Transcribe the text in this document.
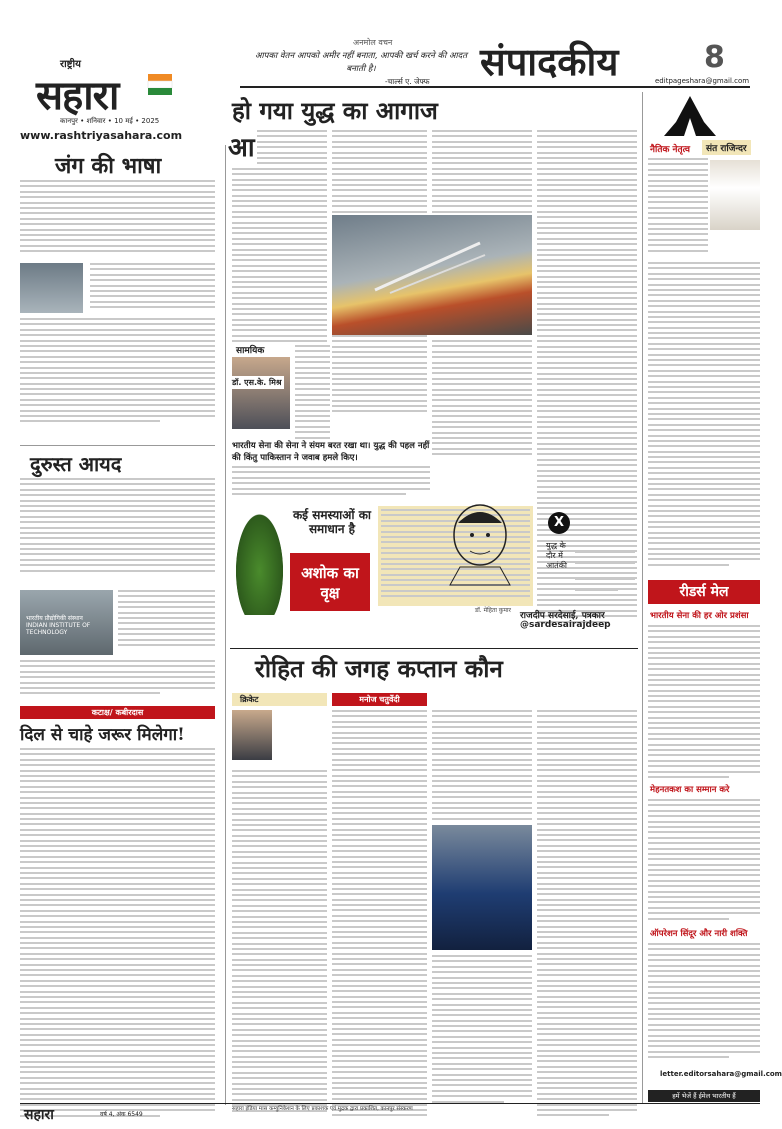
राष्ट्रीय
सहारा
कानपुर • शनिवार • 10 मई • 2025
www.rashtriyasahara.com
अनमोल वचन
आपका वेतन आपको अमीर नहीं बनाता, आपकी खर्च करने की आदत बनाती है।
-चार्ल्स ए. जेफ्फ संपादकीय	8
editpageshara@gmail.com
जंग की भाषा
दुरुस्त आयद
भारतीय प्रौद्योगिकी संस्थान
INDIAN INSTITUTE OF TECHNOLOGY
कटाक्ष/ कबीरदास
दिल से चाहे जरूर मिलेगा!
हो गया युद्ध का आगाज
आ
सामयिक
डॉ. एस.के. मिश्र
भारतीय सेना की सेना ने संयम बरत रखा था। युद्ध की पहल नहीं की किंतु पाकिस्तान ने जवाब हमले किए।
कई समस्याओं का समाधान है
अशोक का वृक्ष
डॉ. मेहिता कुमार
X
युद्ध के
दौर में
आतंकी
राजदीप सरदेसाई, पत्रकार
@sardesairajdeep
नैतिक नेतृत्व	संत राजिन्दर
रीडर्स मेल
भारतीय सेना की हर ओर प्रशंसा
मेहनतकश का सम्मान करे
ऑपरेशन सिंदूर और नारी शक्ति
letter.editorsahara@gmail.com
हमें भेजें हैं ईमेल भारतीय हैं
रोहित की जगह कप्तान कौन
क्रिकेट	मनोज चतुर्वेदी
सहारा	वर्ष 4, अंक 6549
सहारा इंडिया मास कम्युनिकेशन के लिए प्रकाशक एवं मुद्रक द्वारा प्रकाशित, कानपुर संस्करण
